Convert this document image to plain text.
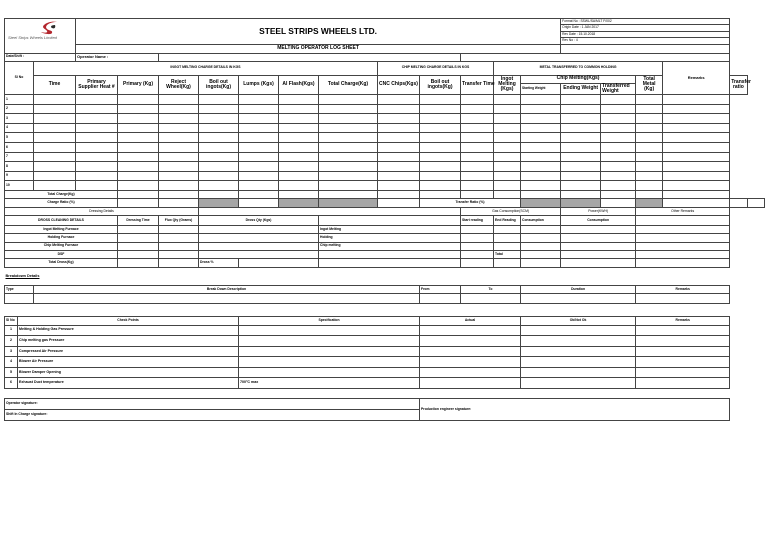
Steel Strips Wheels Limited			STEEL STRIPS WHEELS LTD.												Format No : SSWL/SA/MLT F/002
Origin Date : 1 JAN 2017
Rev Date : 15.10.2018
Rev No : 4					

			MELTING OPERATOR LOG SHEET																	
Date/Shift :			Operator Name :																	
Sl No		INGOT MELTING CHARGE DETAILS IN KGS								CHIP MELTING CHARGE DETAILS IN KGS			METAL TRANSFERRED TO COMMON HOLDING					Remarks		
		Time	Primary Supplier Heat #	Primary (Kg)	Reject Wheel(Kg)	Boil out ingots(Kg)	Lumps (Kgs)	Al Flash(Kgs)	Total Charge(Kg)	CNC Chips(Kgs)	Boil out ingots(Kg)	Transfer Time	Ingot Melting (Kgs)	Chip Melting(Kgs)			Total Metal (Kg)		Transfer ratio	
														Starting Weight	Ending Weight	Transferred Weight				
1																				
2																				
3																				
4																				
5																				
6																				
7																				
8																				
9																				
10																				
Total Charge(Kg)																				
Charge Ratio (%)											Transfer Ratio (%)									
Dressing Details												Gas Consumption(SCM)			Power(KWH)		Other Remarks			
DROSS CLEANING DETAILS				Dressing Time	Flux Qty (Grams)	Dross Qty (Kgs)						Start reading	End Reading	Consumption	Consumption					
Ingot Melting Furnace									Ingot Melting											
Holding Furnace									Holding											
Chip Melting Furnace									Chip melting											
DSF													Total							
Total Dross(Kg)						Dross %														

Breakdown Details																				

Type		Break Down Description									From	To		Duration			Remarks			

Sl No	Check Points						Specification				Actual			Ok/Not Ok			Remarks			
1	Melting & Holding Gas Pressure																			
2	Chip melting gas Pressure																			
3	Compressed Air Pressure																			
4	Blower Air Pressure																			
5	Blower Damper Opening																			
6	Exhaust Duct temperature						700°C max													

Operator signature:											Production engineer signature:									
Shift In Charge signature:																				
